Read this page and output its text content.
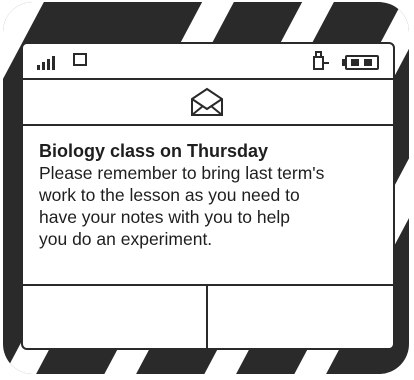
Biology class on Thursday
Please remember to bring last term's
work to the lesson as you need to
have your notes with you to help
you do an experiment.
